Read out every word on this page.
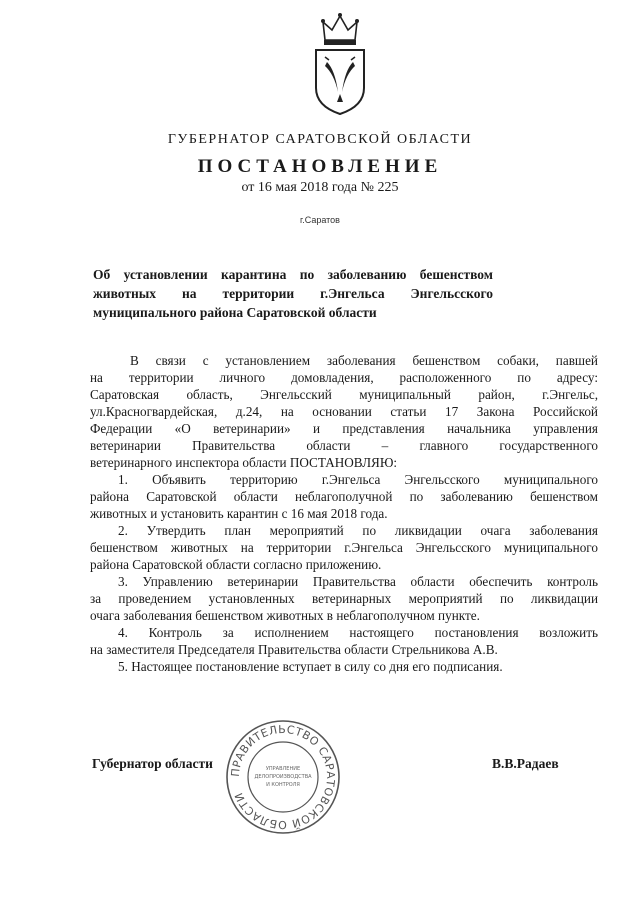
ГУБЕРНАТОР САРАТОВСКОЙ ОБЛАСТИ
ПОСТАНОВЛЕНИЕ
от 16 мая 2018 года № 225
г.Саратов
Об установлении карантина по заболеванию бешенством
животных на территории г.Энгельса Энгельсского
муниципального района Саратовской области
В связи с установлением заболевания бешенством собаки, павшей
на территории личного домовладения, расположенного по адресу:
Саратовская область, Энгельсский муниципальный район, г.Энгельс,
ул.Красногвардейская, д.24, на основании статьи 17 Закона Российской
Федерации «О ветеринарии» и представления начальника управления
ветеринарии Правительства области – главного государственного
ветеринарного инспектора области ПОСТАНОВЛЯЮ:
1. Объявить территорию г.Энгельса Энгельсского муниципального
района Саратовской области неблагополучной по заболеванию бешенством
животных и установить карантин с 16 мая 2018 года.
2. Утвердить план мероприятий по ликвидации очага заболевания
бешенством животных на территории г.Энгельса Энгельсского муниципального
района Саратовской области согласно приложению.
3. Управлению ветеринарии Правительства области обеспечить контроль
за проведением установленных ветеринарных мероприятий по ликвидации
очага заболевания бешенством животных в неблагополучном пункте.
4. Контроль за исполнением настоящего постановления возложить
на заместителя Председателя Правительства области Стрельникова А.В.
5. Настоящее постановление вступает в силу со дня его подписания.
Губернатор области	В.В.Радаев
ПРАВИТЕЛЬСТВО САРАТОВСКОЙ ОБЛАСТИ
УПРАВЛЕНИЕ
ДЕЛОПРОИЗВОДСТВА
И КОНТРОЛЯ
